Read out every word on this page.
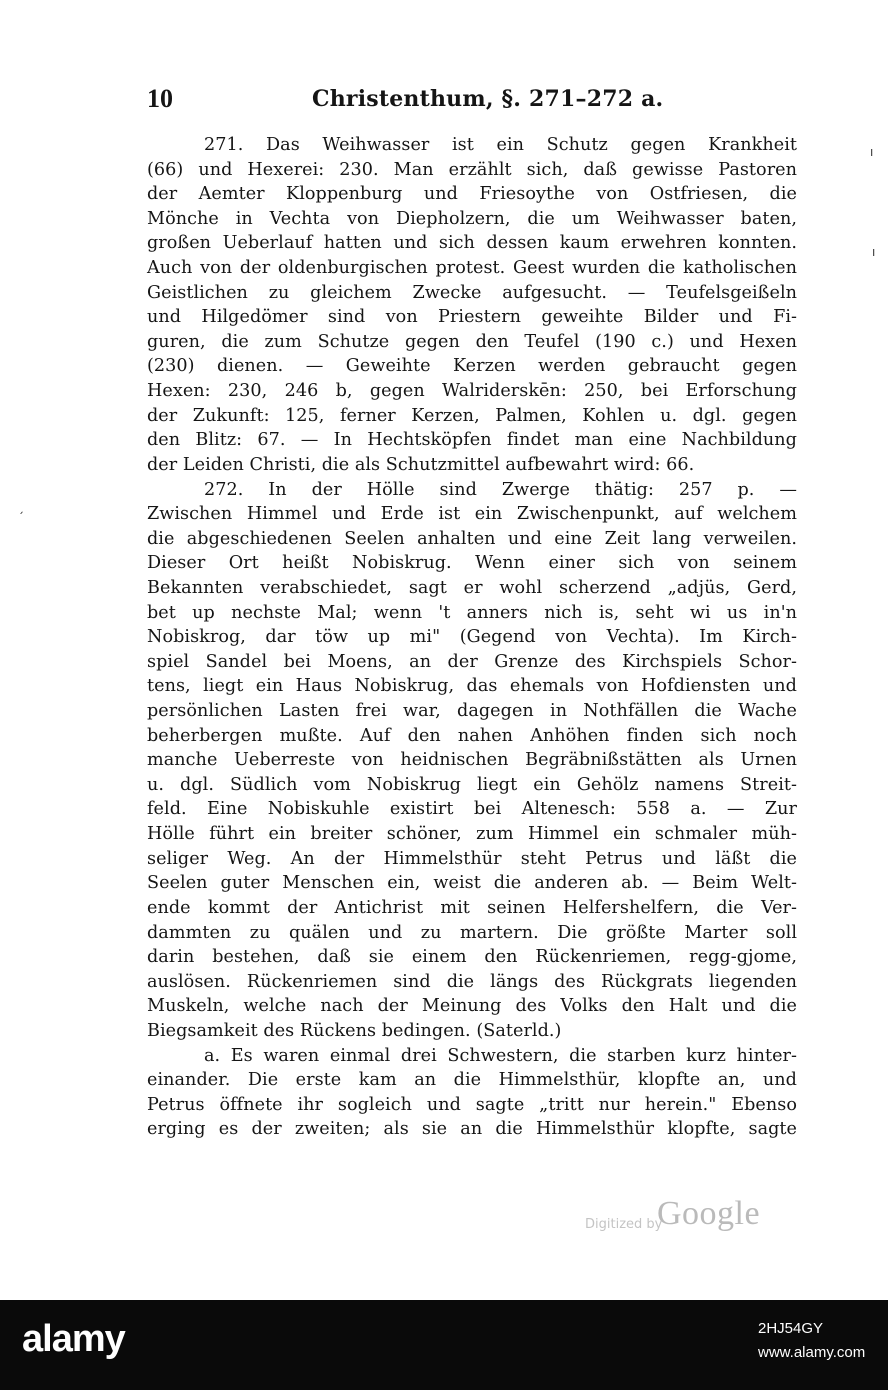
10	Christenthum, §. 271–272 a.
271. Das Weihwasser ist ein Schutz gegen Krankheit
(66) und Hexerei: 230. Man erzählt sich, daß gewisse Pastoren
der Aemter Kloppenburg und Friesoythe von Ostfriesen, die
Mönche in Vechta von Diepholzern, die um Weihwasser baten,
großen Ueberlauf hatten und sich dessen kaum erwehren konnten.
Auch von der oldenburgischen protest. Geest wurden die katholischen
Geistlichen zu gleichem Zwecke aufgesucht. — Teufelsgeißeln
und Hilgedömer sind von Priestern geweihte Bilder und Fi-
guren, die zum Schutze gegen den Teufel (190 c.) und Hexen
(230) dienen. — Geweihte Kerzen werden gebraucht gegen
Hexen: 230, 246 b, gegen Walriderskēn: 250, bei Erforschung
der Zukunft: 125, ferner Kerzen, Palmen, Kohlen u. dgl. gegen
den Blitz: 67. — In Hechtsköpfen findet man eine Nachbildung
der Leiden Christi, die als Schutzmittel aufbewahrt wird: 66.
272. In der Hölle sind Zwerge thätig: 257 p. —
Zwischen Himmel und Erde ist ein Zwischenpunkt, auf welchem
die abgeschiedenen Seelen anhalten und eine Zeit lang verweilen.
Dieser Ort heißt Nobiskrug. Wenn einer sich von seinem
Bekannten verabschiedet, sagt er wohl scherzend „adjüs, Gerd,
bet up nechste Mal; wenn 't anners nich is, seht wi us in'n
Nobiskrog, dar töw up mi" (Gegend von Vechta). Im Kirch-
spiel Sandel bei Moens, an der Grenze des Kirchspiels Schor-
tens, liegt ein Haus Nobiskrug, das ehemals von Hofdiensten und
persönlichen Lasten frei war, dagegen in Nothfällen die Wache
beherbergen mußte. Auf den nahen Anhöhen finden sich noch
manche Ueberreste von heidnischen Begräbnißstätten als Urnen
u. dgl. Südlich vom Nobiskrug liegt ein Gehölz namens Streit-
feld. Eine Nobiskuhle existirt bei Altenesch: 558 a. — Zur
Hölle führt ein breiter schöner, zum Himmel ein schmaler müh-
seliger Weg. An der Himmelsthür steht Petrus und läßt die
Seelen guter Menschen ein, weist die anderen ab. — Beim Welt-
ende kommt der Antichrist mit seinen Helfershelfern, die Ver-
dammten zu quälen und zu martern. Die größte Marter soll
darin bestehen, daß sie einem den Rückenriemen, regg-gjome,
auslösen. Rückenriemen sind die längs des Rückgrats liegenden
Muskeln, welche nach der Meinung des Volks den Halt und die
Biegsamkeit des Rückens bedingen. (Saterld.)
a. Es waren einmal drei Schwestern, die starben kurz hinter-
einander. Die erste kam an die Himmelsthür, klopfte an, und
Petrus öffnete ihr sogleich und sagte „tritt nur herein." Ebenso
erging es der zweiten; als sie an die Himmelsthür klopfte, sagte
Digitized by
Google
ı
ı
ˏ
alamy	2HJ54GY
www.alamy.com
